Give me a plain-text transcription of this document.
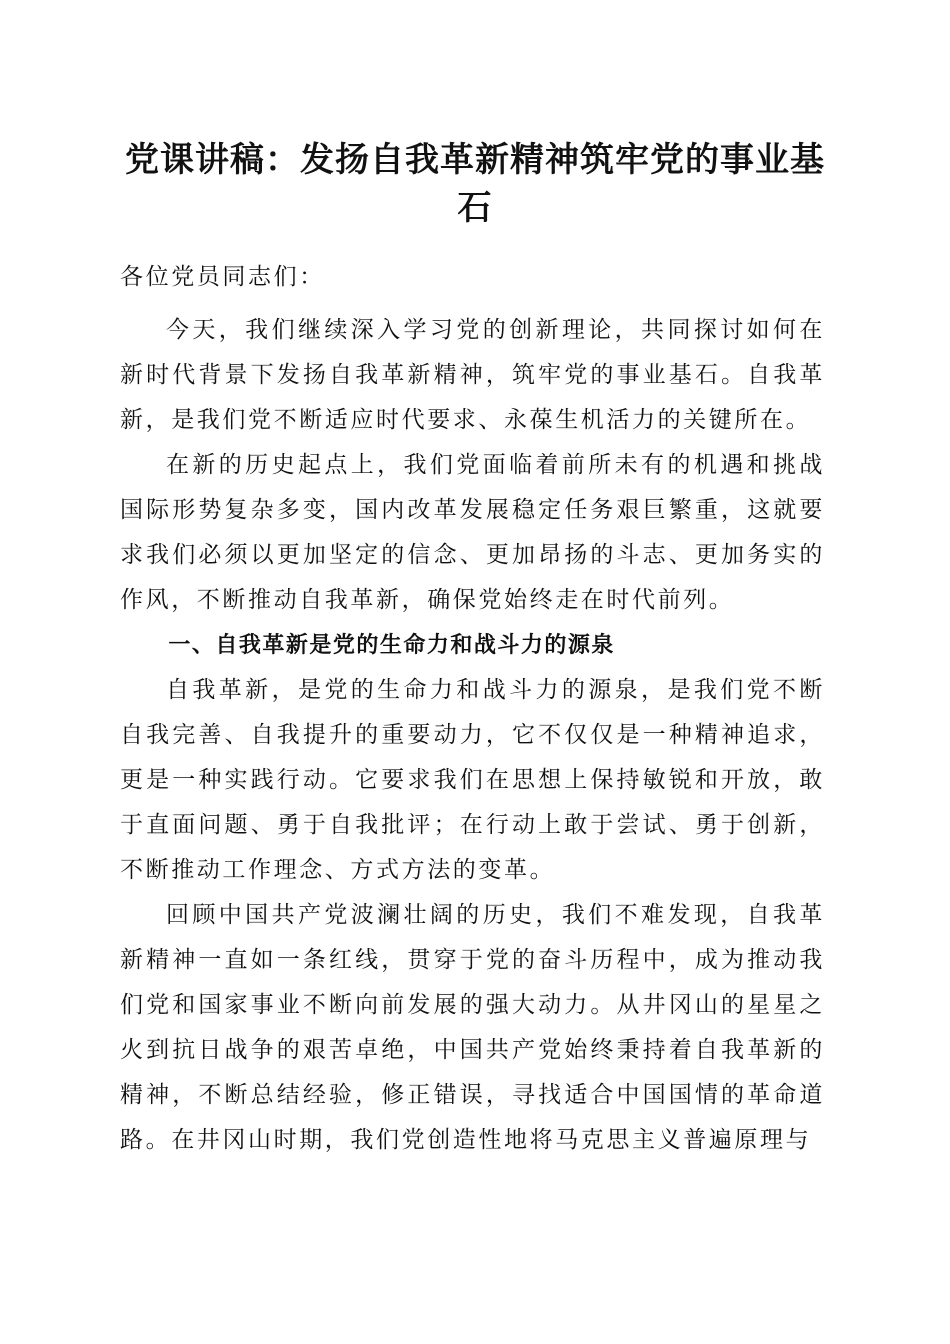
党课讲稿：发扬自我革新精神筑牢党的事业基石

各位党员同志们：

今天，我们继续深入学习党的创新理论，共同探讨如何在新时代背景下发扬自我革新精神，筑牢党的事业基石。自我革新，是我们党不断适应时代要求、永葆生机活力的关键所在。

在新的历史起点上，我们党面临着前所未有的机遇和挑战国际形势复杂多变，国内改革发展稳定任务艰巨繁重，这就要求我们必须以更加坚定的信念、更加昂扬的斗志、更加务实的作风，不断推动自我革新，确保党始终走在时代前列。

一、自我革新是党的生命力和战斗力的源泉

自我革新，是党的生命力和战斗力的源泉，是我们党不断自我完善、自我提升的重要动力，它不仅仅是一种精神追求，更是一种实践行动。它要求我们在思想上保持敏锐和开放，敢于直面问题、勇于自我批评；在行动上敢于尝试、勇于创新，不断推动工作理念、方式方法的变革。

回顾中国共产党波澜壮阔的历史，我们不难发现，自我革新精神一直如一条红线，贯穿于党的奋斗历程中，成为推动我们党和国家事业不断向前发展的强大动力。从井冈山的星星之火到抗日战争的艰苦卓绝，中国共产党始终秉持着自我革新的精神，不断总结经验，修正错误，寻找适合中国国情的革命道路。在井冈山时期，我们党创造性地将马克思主义普遍原理与
